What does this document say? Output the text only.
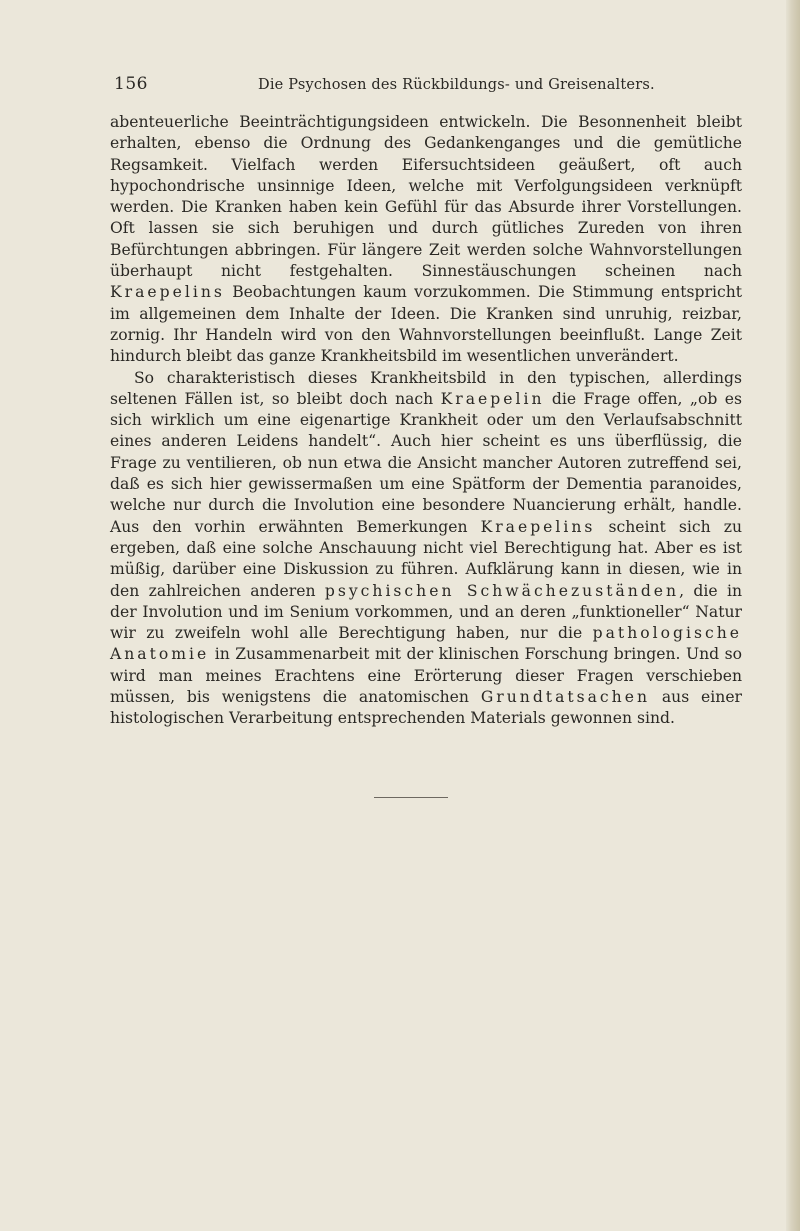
156	Die Psychosen des Rückbildungs- und Greisenalters.

abenteuerliche Beeinträchtigungsideen entwickeln. Die Besonnenheit bleibt erhalten, ebenso die Ordnung des Gedankenganges und die gemütliche Regsamkeit. Vielfach werden Eifersuchtsideen geäußert, oft auch hypochondrische unsinnige Ideen, welche mit Verfolgungsideen verknüpft werden. Die Kranken haben kein Gefühl für das Absurde ihrer Vorstellungen. Oft lassen sie sich beruhigen und durch gütliches Zureden von ihren Befürchtungen abbringen. Für längere Zeit werden solche Wahnvorstellungen überhaupt nicht festgehalten. Sinnestäuschungen scheinen nach Kraepelins Beobachtungen kaum vorzukommen. Die Stimmung entspricht im allgemeinen dem Inhalte der Ideen. Die Kranken sind unruhig, reizbar, zornig. Ihr Handeln wird von den Wahnvorstellungen beeinflußt. Lange Zeit hindurch bleibt das ganze Krankheitsbild im wesentlichen unverändert.

So charakteristisch dieses Krankheitsbild in den typischen, allerdings seltenen Fällen ist, so bleibt doch nach Kraepelin die Frage offen, „ob es sich wirklich um eine eigenartige Krankheit oder um den Verlaufsabschnitt eines anderen Leidens handelt“. Auch hier scheint es uns überflüssig, die Frage zu ventilieren, ob nun etwa die Ansicht mancher Autoren zutreffend sei, daß es sich hier gewissermaßen um eine Spätform der Dementia paranoides, welche nur durch die Involution eine besondere Nuancierung erhält, handle. Aus den vorhin erwähnten Bemerkungen Kraepelins scheint sich zu ergeben, daß eine solche Anschauung nicht viel Berechtigung hat. Aber es ist müßig, darüber eine Diskussion zu führen. Aufklärung kann in diesen, wie in den zahlreichen anderen psychischen Schwächezuständen, die in der Involution und im Senium vorkommen, und an deren „funktioneller“ Natur wir zu zweifeln wohl alle Berechtigung haben, nur die pathologische Anatomie in Zusammenarbeit mit der klinischen Forschung bringen. Und so wird man meines Erachtens eine Erörterung dieser Fragen verschieben müssen, bis wenigstens die anatomischen Grundtatsachen aus einer histologischen Verarbeitung entsprechenden Materials gewonnen sind.
